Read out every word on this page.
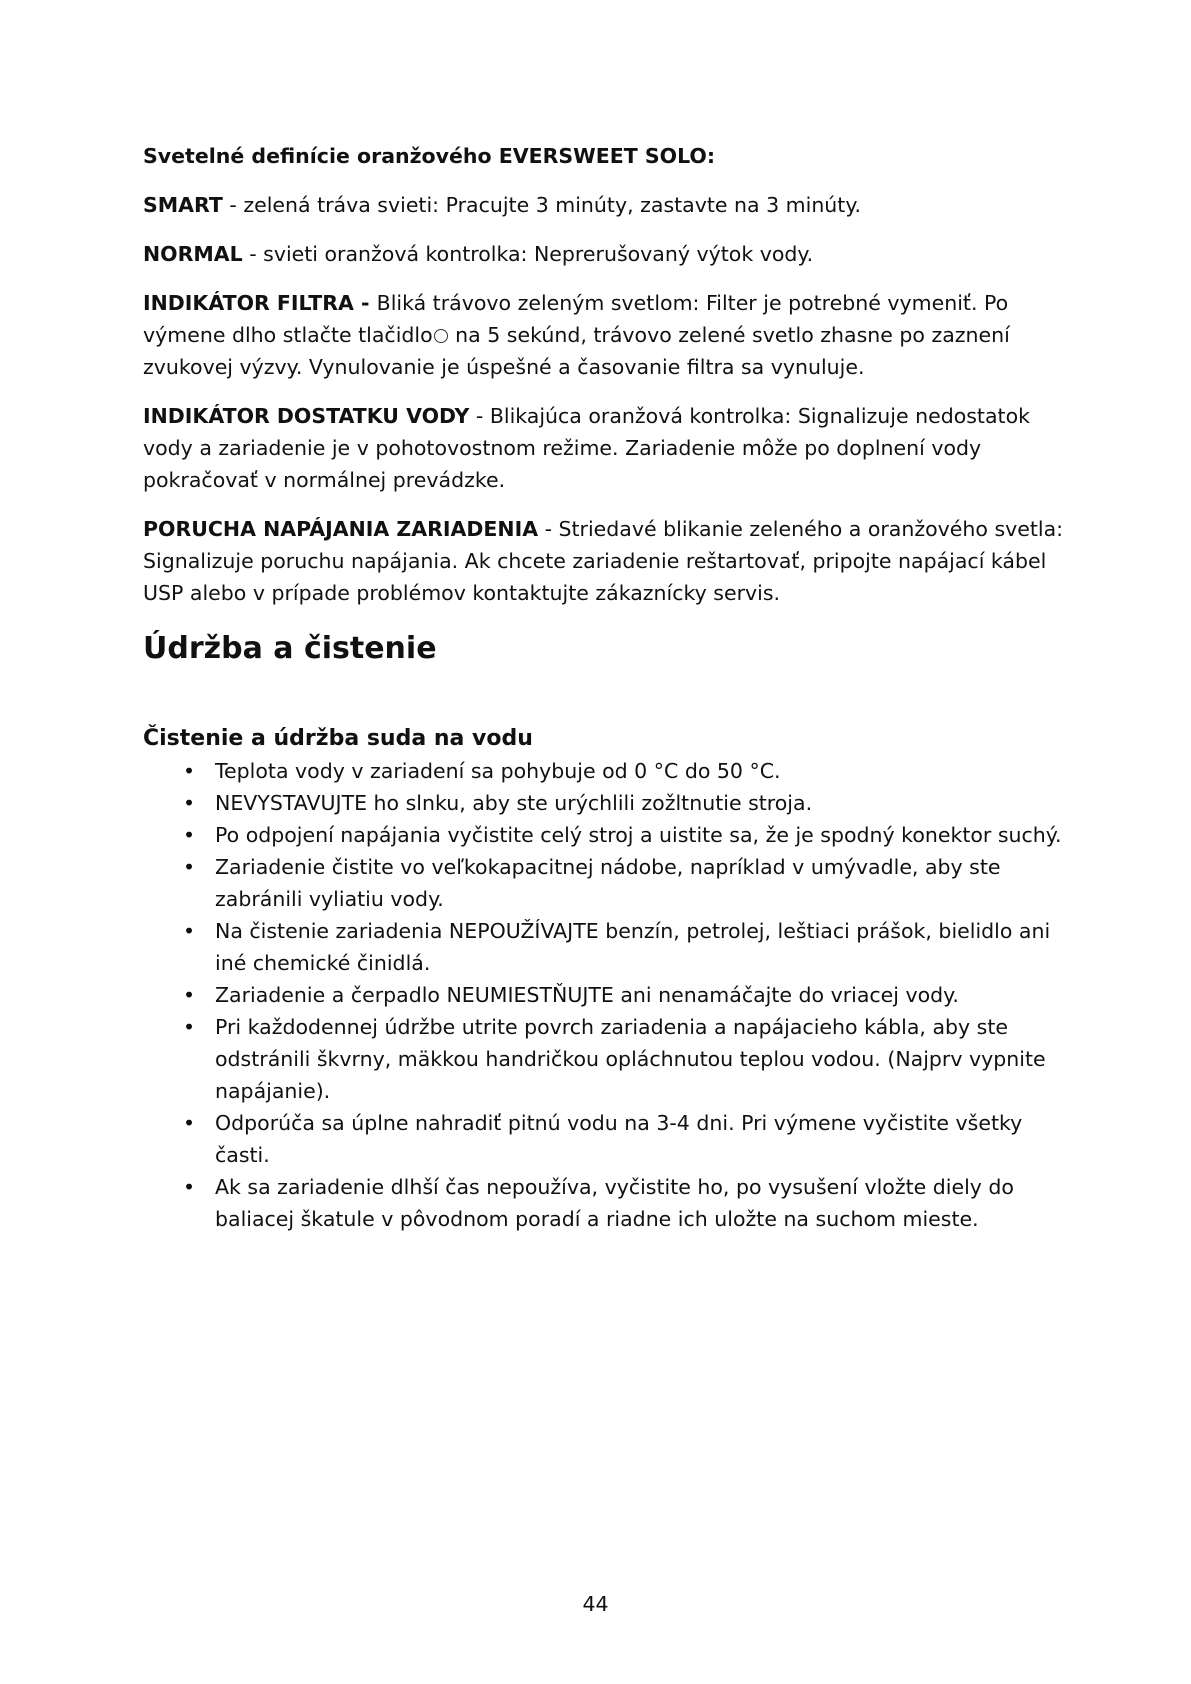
Svetelné definície oranžového EVERSWEET SOLO:

SMART - zelená tráva svieti: Pracujte 3 minúty, zastavte na 3 minúty.

NORMAL - svieti oranžová kontrolka: Neprerušovaný výtok vody.

INDIKÁTOR FILTRA - Bliká trávovo zeleným svetlom: Filter je potrebné vymeniť. Po výmene dlho stlačte tlačidlo na 5 sekúnd, trávovo zelené svetlo zhasne po zaznení zvukovej výzvy. Vynulovanie je úspešné a časovanie filtra sa vynuluje.

INDIKÁTOR DOSTATKU VODY - Blikajúca oranžová kontrolka: Signalizuje nedostatok vody a zariadenie je v pohotovostnom režime. Zariadenie môže po doplnení vody pokračovať v normálnej prevádzke.

PORUCHA NAPÁJANIA ZARIADENIA - Striedavé blikanie zeleného a oranžového svetla: Signalizuje poruchu napájania. Ak chcete zariadenie reštartovať, pripojte napájací kábel USP alebo v prípade problémov kontaktujte zákaznícky servis.

Údržba a čistenie
Čistenie a údržba suda na vodu
• Teplota vody v zariadení sa pohybuje od 0 °C do 50 °C.
• NEVYSTAVUJTE ho slnku, aby ste urýchlili zožltnutie stroja.
• Po odpojení napájania vyčistite celý stroj a uistite sa, že je spodný konektor suchý.
• Zariadenie čistite vo veľkokapacitnej nádobe, napríklad v umývadle, aby ste zabránili vyliatiu vody.
• Na čistenie zariadenia NEPOUŽÍVAJTE benzín, petrolej, leštiaci prášok, bielidlo ani iné chemické činidlá.
• Zariadenie a čerpadlo NEUMIESTŇUJTE ani nenamáčajte do vriacej vody.
• Pri každodennej údržbe utrite povrch zariadenia a napájacieho kábla, aby ste odstránili škvrny, mäkkou handričkou opláchnutou teplou vodou. (Najprv vypnite napájanie).
• Odporúča sa úplne nahradiť pitnú vodu na 3-4 dni. Pri výmene vyčistite všetky časti.
• Ak sa zariadenie dlhší čas nepoužíva, vyčistite ho, po vysušení vložte diely do baliacej škatule v pôvodnom poradí a riadne ich uložte na suchom mieste.
44
